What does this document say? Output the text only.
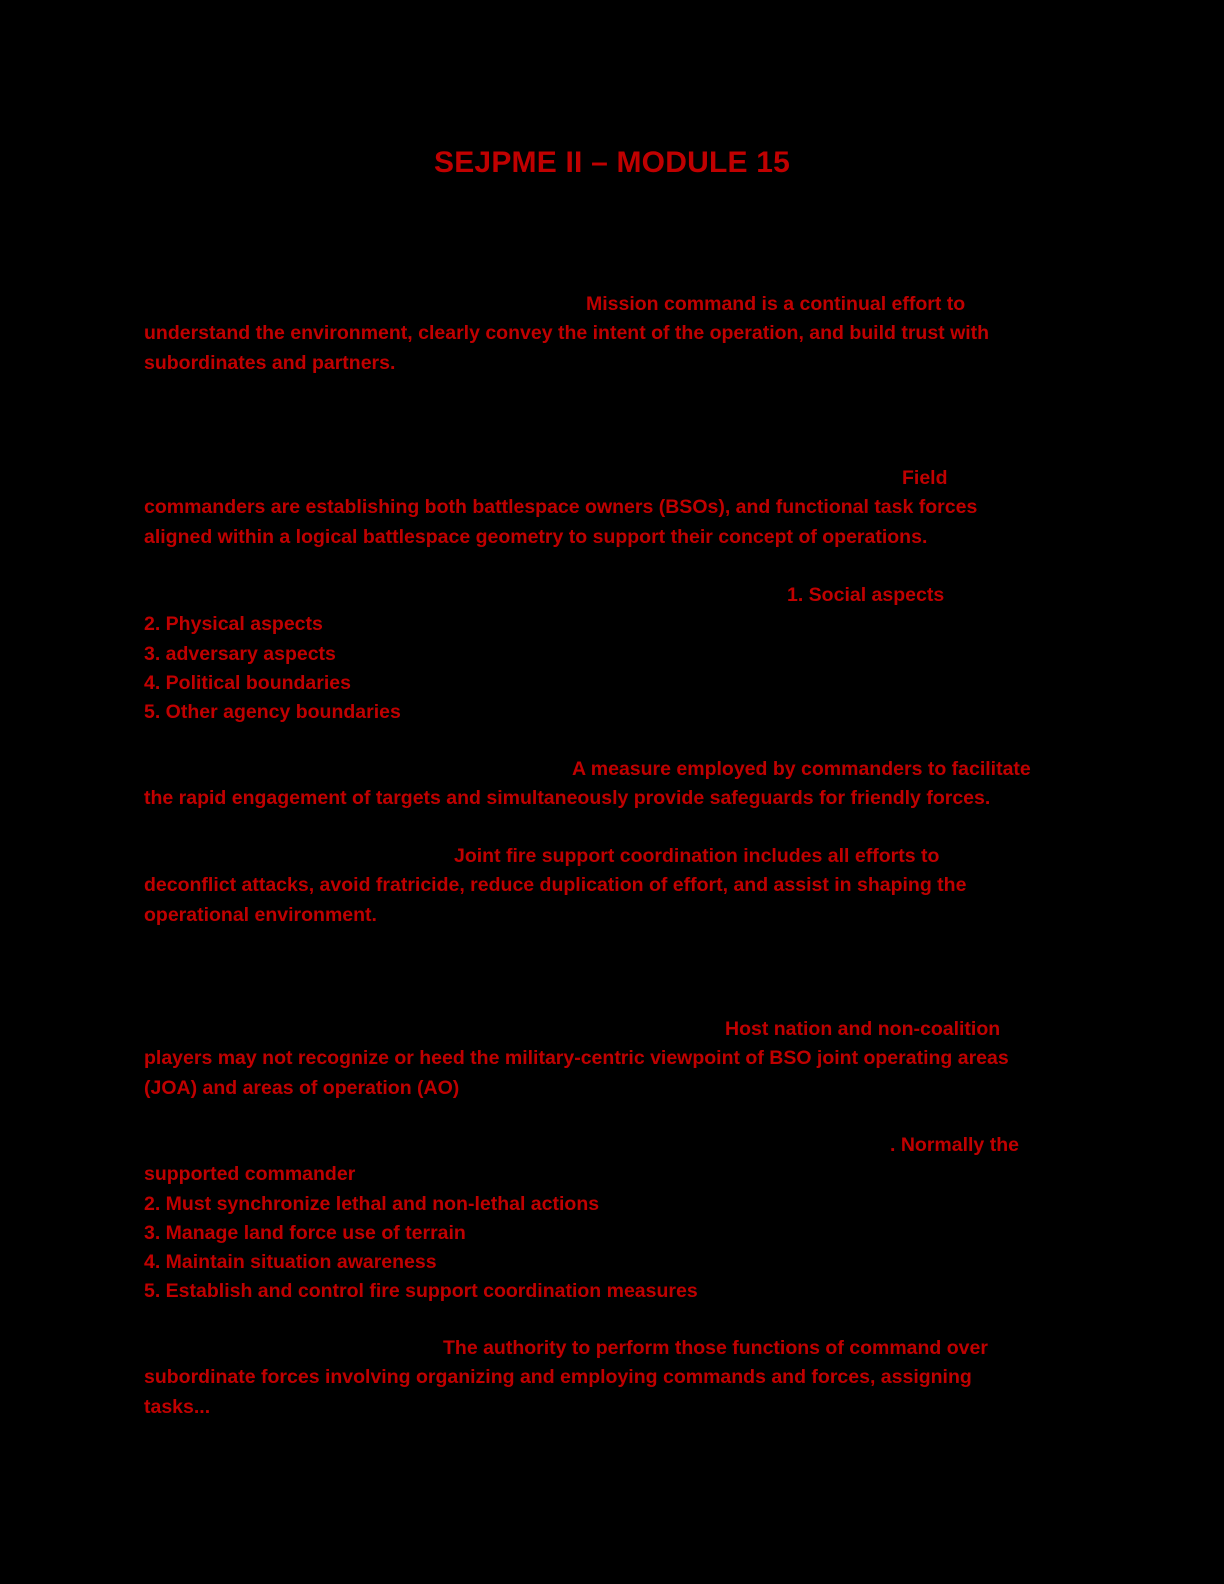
SEJPME II – MODULE 15
Mission command is a continual effort to
understand the environment, clearly convey the intent of the operation, and build trust with
subordinates and partners.
Field
commanders are establishing both battlespace owners (BSOs), and functional task forces
aligned within a logical battlespace geometry to support their concept of operations.
1. Social aspects
2. Physical aspects
3. adversary aspects
4. Political boundaries
5. Other agency boundaries
A measure employed by commanders to facilitate
the rapid engagement of targets and simultaneously provide safeguards for friendly forces.
Joint fire support coordination includes all efforts to
deconflict attacks, avoid fratricide, reduce duplication of effort, and assist in shaping the
operational environment.
Host nation and non-coalition
players may not recognize or heed the military-centric viewpoint of BSO joint operating areas
(JOA) and areas of operation (AO)
. Normally the
supported commander
2. Must synchronize lethal and non-lethal actions
3. Manage land force use of terrain
4. Maintain situation awareness
5. Establish and control fire support coordination measures
The authority to perform those functions of command over
subordinate forces involving organizing and employing commands and forces, assigning
tasks...
